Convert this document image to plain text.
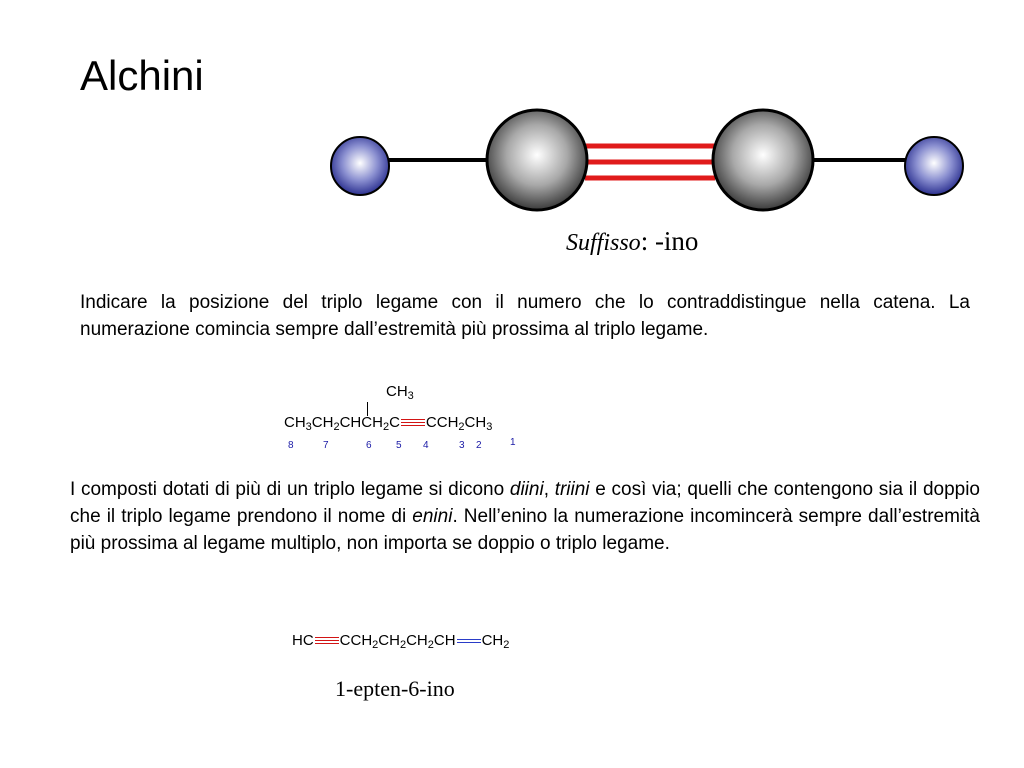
Alchini
Suffisso: -ino
Indicare la posizione del triplo legame con il numero che lo contraddistingue nella catena. La numerazione comincia sempre dall’estremità più prossima al triplo legame.
$CH_3$
$CH_3CH_2CHCH_2C$ $CCH_2CH_3$
8	7	6 5 4	3 2	1
I composti dotati di più di un triplo legame si dicono diini, triini e così via; quelli che contengono sia il doppio che il triplo legame prendono il nome di enini. Nell’enino la numerazione incomincerà sempre dall’estremità più prossima al legame multiplo, non importa se doppio o triplo legame.
HC $CCH_2CH_2CH_2CH$ $CH_2$
1-epten-6-ino
